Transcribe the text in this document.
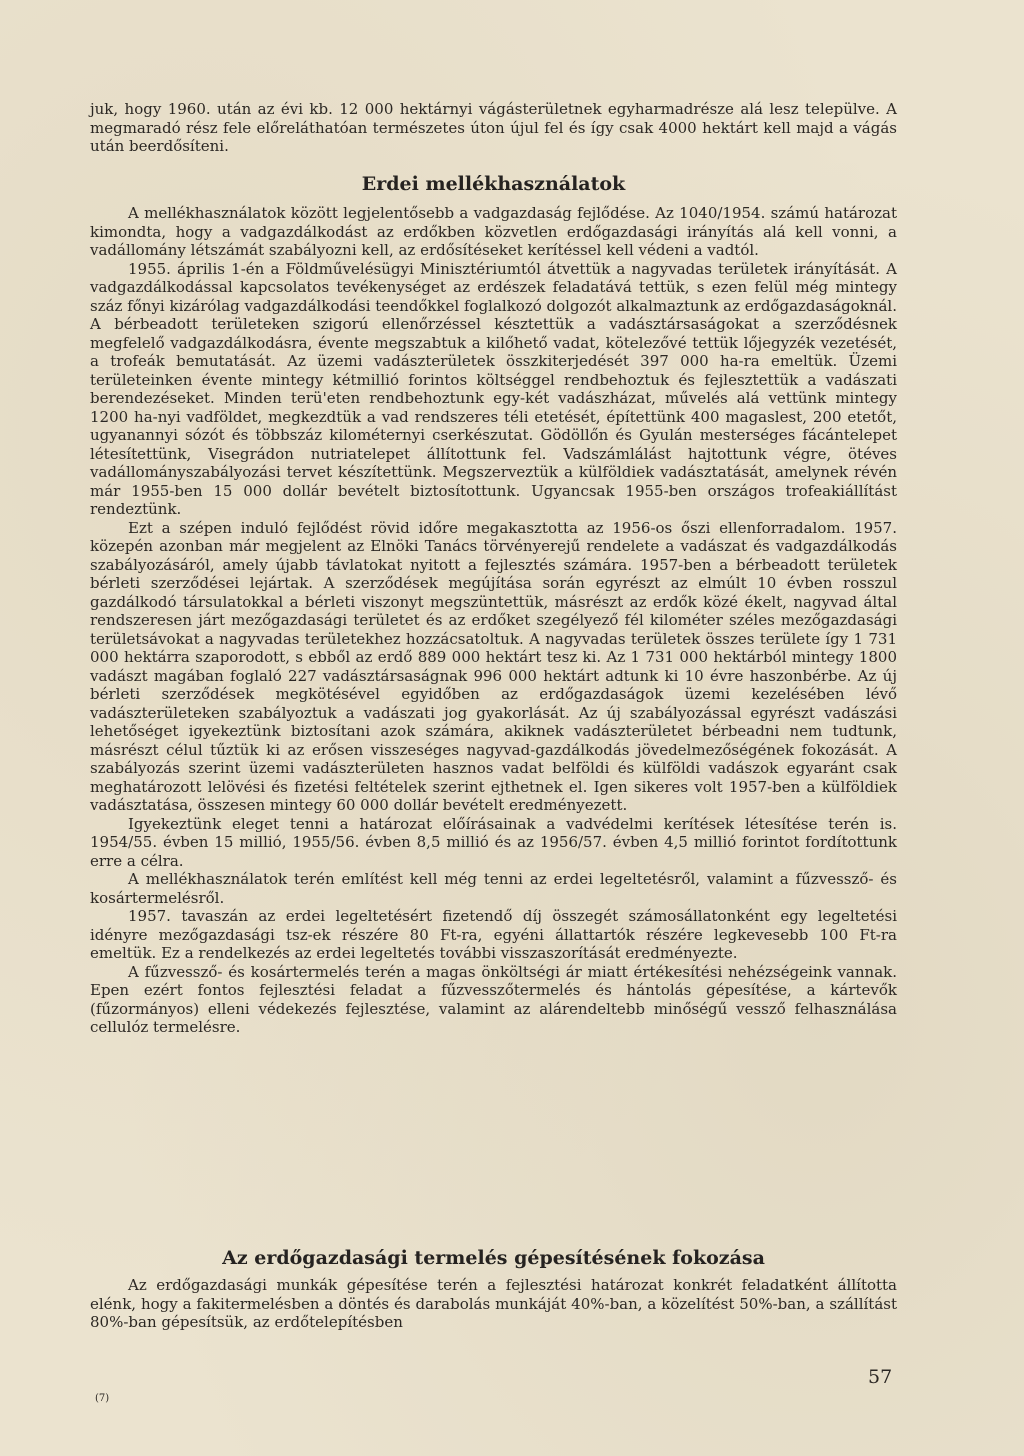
juk, hogy 1960. után az évi kb. 12 000 hektárnyi vágásterületnek egyharmadrésze alá lesz települve. A megmaradó rész fele előreláthatóan természetes úton újul fel és így csak 4000 hektárt kell majd a vágás után beerdősíteni.

Erdei mellékhasználatok

A mellékhasználatok között legjelentősebb a vadgazdaság fejlődése. Az 1040/1954. számú határozat kimondta, hogy a vadgazdálkodást az erdőkben közvetlen erdőgazdasági irányítás alá kell vonni, a vadállomány létszámát szabályozni kell, az erdősítéseket kerítéssel kell védeni a vadtól.

1955. április 1-én a Földművelésügyi Minisztériumtól átvettük a nagyvadas területek irányítását. A vadgazdálkodással kapcsolatos tevékenységet az erdészek feladatává tettük, s ezen felül még mintegy száz főnyi kizárólag vadgazdálkodási teendőkkel foglalkozó dolgozót alkalmaztunk az erdőgazdaságoknál. A bérbeadott területeken szigorú ellenőrzéssel késztettük a vadásztársaságokat a szerződésnek megfelelő vadgazdálkodásra, évente megszabtuk a kilőhető vadat, kötelezővé tettük lőjegyzék vezetését, a trofeák bemutatását. Az üzemi vadászterületek összkiterjedését 397 000 ha-ra emeltük. Üzemi területeinken évente mintegy kétmillió forintos költséggel rendbehoztuk és fejlesztettük a vadászati berendezéseket. Minden terü'eten rendbehoztunk egy-két vadászházat, művelés alá vettünk mintegy 1200 ha-nyi vadföldet, megkezdtük a vad rendszeres téli etetését, építettünk 400 magaslest, 200 etetőt, ugyanannyi sózót és többszáz kilométernyi cserkészutat. Gödöllőn és Gyulán mesterséges fácántelepet létesítettünk, Visegrádon nutriatelepet állítottunk fel. Vadszámlálást hajtottunk végre, ötéves vadállományszabályozási tervet készítettünk. Megszerveztük a külföldiek vadásztatását, amelynek révén már 1955-ben 15 000 dollár bevételt biztosítottunk. Ugyancsak 1955-ben országos trofeakiállítást rendeztünk.

Ezt a szépen induló fejlődést rövid időre megakasztotta az 1956-os őszi ellenforradalom. 1957. közepén azonban már megjelent az Elnöki Tanács törvényerejű rendelete a vadászat és vadgazdálkodás szabályozásáról, amely újabb távlatokat nyitott a fejlesztés számára. 1957-ben a bérbeadott területek bérleti szerződései lejártak. A szerződések megújítása során egyrészt az elmúlt 10 évben rosszul gazdálkodó társulatokkal a bérleti viszonyt megszüntettük, másrészt az erdők közé ékelt, nagyvad által rendszeresen járt mezőgazdasági területet és az erdőket szegélyező fél kilométer széles mezőgazdasági területsávokat a nagyvadas területekhez hozzácsatoltuk. A nagyvadas területek összes területe így 1 731 000 hektárra szaporodott, s ebből az erdő 889 000 hektárt tesz ki. Az 1 731 000 hektárból mintegy 1800 vadászt magában foglaló 227 vadásztársaságnak 996 000 hektárt adtunk ki 10 évre haszonbérbe. Az új bérleti szerződések megkötésével egyidőben az erdőgazdaságok üzemi kezelésében lévő vadászterületeken szabályoztuk a vadászati jog gyakorlását. Az új szabályozással egyrészt vadászási lehetőséget igyekeztünk biztosítani azok számára, akiknek vadászterületet bérbeadni nem tudtunk, másrészt célul tűztük ki az erősen visszeséges nagyvad-gazdálkodás jövedelmezőségének fokozását. A szabályozás szerint üzemi vadászterületen hasznos vadat belföldi és külföldi vadászok egyaránt csak meghatározott lelövési és fizetési feltételek szerint ejthetnek el. Igen sikeres volt 1957-ben a külföldiek vadásztatása, összesen mintegy 60 000 dollár bevételt eredményezett.

Igyekeztünk eleget tenni a határozat előírásainak a vadvédelmi kerítések létesítése terén is. 1954/55. évben 15 millió, 1955/56. évben 8,5 millió és az 1956/57. évben 4,5 millió forintot fordítottunk erre a célra.

A mellékhasználatok terén említést kell még tenni az erdei legeltetésről, valamint a fűzvessző- és kosártermelésről.

1957. tavaszán az erdei legeltetésért fizetendő díj összegét számosállatonként egy legeltetési idényre mezőgazdasági tsz-ek részére 80 Ft-ra, egyéni állattartók részére legkevesebb 100 Ft-ra emeltük. Ez a rendelkezés az erdei legeltetés további visszaszorítását eredményezte.

A fűzvessző- és kosártermelés terén a magas önköltségi ár miatt értékesítési nehézségeink vannak. Epen ezért fontos fejlesztési feladat a fűzvesszőtermelés és hántolás gépesítése, a kártevők (fűzormányos) elleni védekezés fejlesztése, valamint az alárendeltebb minőségű vessző felhasználása cellulóz termelésre.

Az erdőgazdasági termelés gépesítésének fokozása

Az erdőgazdasági munkák gépesítése terén a fejlesztési határozat konkrét feladatként állította elénk, hogy a fakitermelésben a döntés és darabolás munkáját 40%-ban, a közelítést 50%-ban, a szállítást 80%-ban gépesítsük, az erdőtelepítésben

57
(7)
